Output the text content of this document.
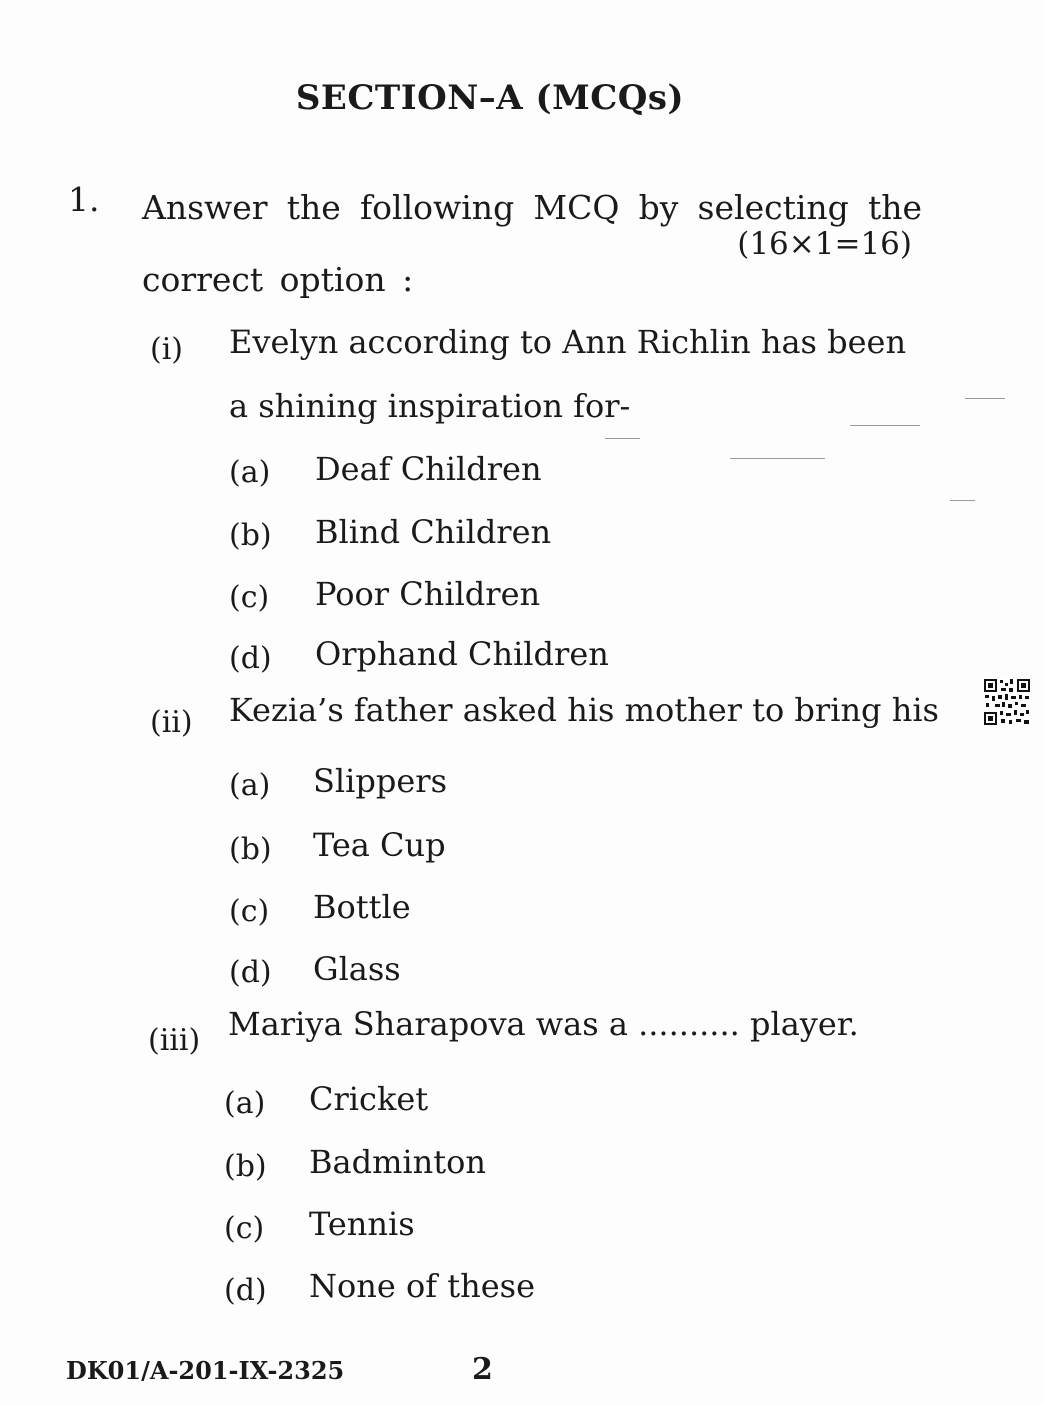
SECTION–A (MCQs)
1. Answer the following MCQ by selecting the correct option :
(16×1=16)
(i) Evelyn according to Ann Richlin has been a shining inspiration for-
(a) Deaf Children
(b) Blind Children
(c) Poor Children
(d) Orphand Children
(ii) Kezia’s father asked his mother to bring his
(a) Slippers
(b) Tea Cup
(c) Bottle
(d) Glass
(iii) Mariya Sharapova was a .......... player.
(a) Cricket
(b) Badminton
(c) Tennis
(d) None of these
DK01/A-201-IX-2325	2
